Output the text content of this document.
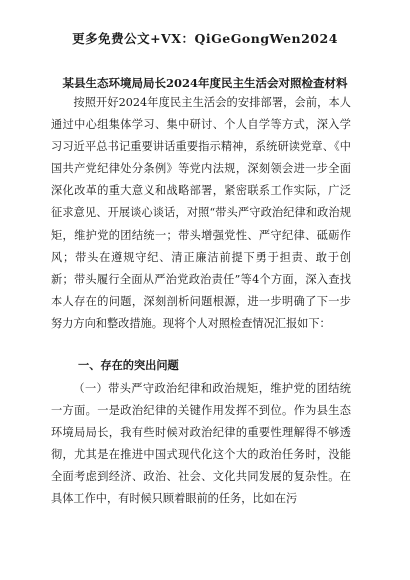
更多免费公文+VX：QiGeGongWen2024
某县生态环境局局长2024年度民主生活会对照检查材料

按照开好2024年度民主生活会的安排部署，会前，本人通过中心组集体学习、集中研讨、个人自学等方式，深入学习习近平总书记重要讲话重要指示精神，系统研读党章、《中国共产党纪律处分条例》等党内法规，深刻领会进一步全面深化改革的重大意义和战略部署，紧密联系工作实际，广泛征求意见、开展谈心谈话，对照“带头严守政治纪律和政治规矩，维护党的团结统一；带头增强党性、严守纪律、砥砺作风；带头在遵规守纪、清正廉洁前提下勇于担责、敢于创新；带头履行全面从严治党政治责任”等4个方面，深入查找本人存在的问题，深刻剖析问题根源，进一步明确了下一步努力方向和整改措施。现将个人对照检查情况汇报如下：

一、存在的突出问题

（一）带头严守政治纪律和政治规矩，维护党的团结统一方面。一是政治纪律的关键作用发挥不到位。作为县生态环境局局长，我有些时候对政治纪律的重要性理解得不够透彻，尤其是在推进中国式现代化这个大的政治任务时，没能全面考虑到经济、政治、社会、文化共同发展的复杂性。在具体工作中，有时候只顾着眼前的任务，比如在污
